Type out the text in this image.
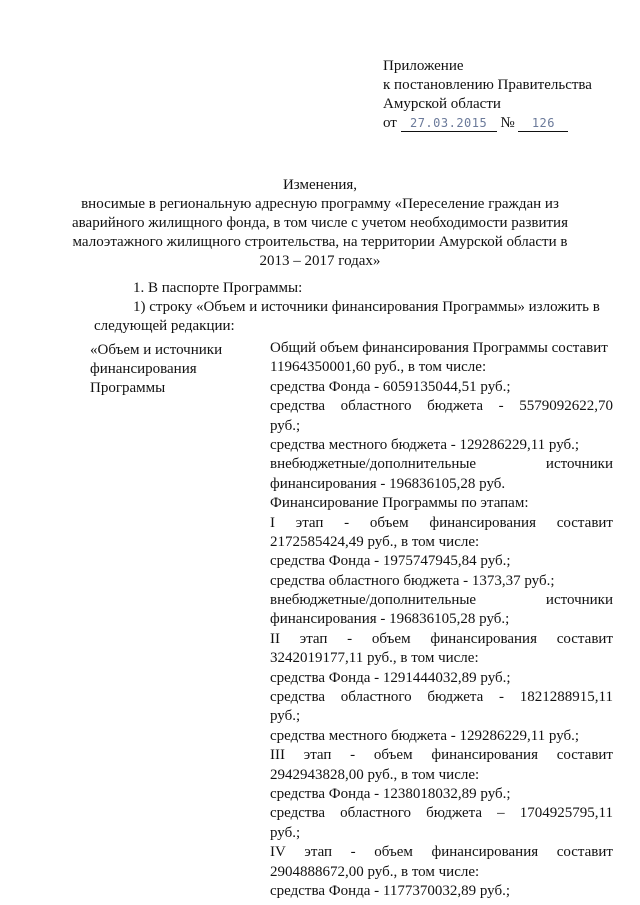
Приложение
к постановлению Правительства
Амурской области
от 27.03.2015 № 126
Изменения,
вносимые в региональную адресную программу «Переселение граждан из
аварийного жилищного фонда, в том числе с учетом необходимости развития
малоэтажного жилищного строительства, на территории Амурской области в
2013 – 2017 годах»
1. В паспорте Программы:
1) строку «Объем и источники финансирования Программы» изложить в
следующей редакции:
«Объем и источники
финансирования
Программы
Общий объем финансирования Программы составит
11964350001,60 руб., в том числе:
средства Фонда - 6059135044,51 руб.;
средства областного бюджета - 5579092622,70
руб.;
средства местного бюджета - 129286229,11 руб.;
внебюджетные/дополнительные	источники
финансирования - 196836105,28 руб.
Финансирование Программы по этапам:
I этап - объем финансирования составит
2172585424,49 руб., в том числе:
средства Фонда - 1975747945,84 руб.;
средства областного бюджета - 1373,37 руб.;
внебюджетные/дополнительные	источники
финансирования - 196836105,28 руб.;
II этап - объем финансирования составит
3242019177,11 руб., в том числе:
средства Фонда - 1291444032,89 руб.;
средства областного бюджета - 1821288915,11
руб.;
средства местного бюджета - 129286229,11 руб.;
III этап - объем финансирования составит
2942943828,00 руб., в том числе:
средства Фонда - 1238018032,89 руб.;
средства областного бюджета – 1704925795,11
руб.;
IV этап - объем финансирования составит
2904888672,00 руб., в том числе:
средства Фонда - 1177370032,89 руб.;
